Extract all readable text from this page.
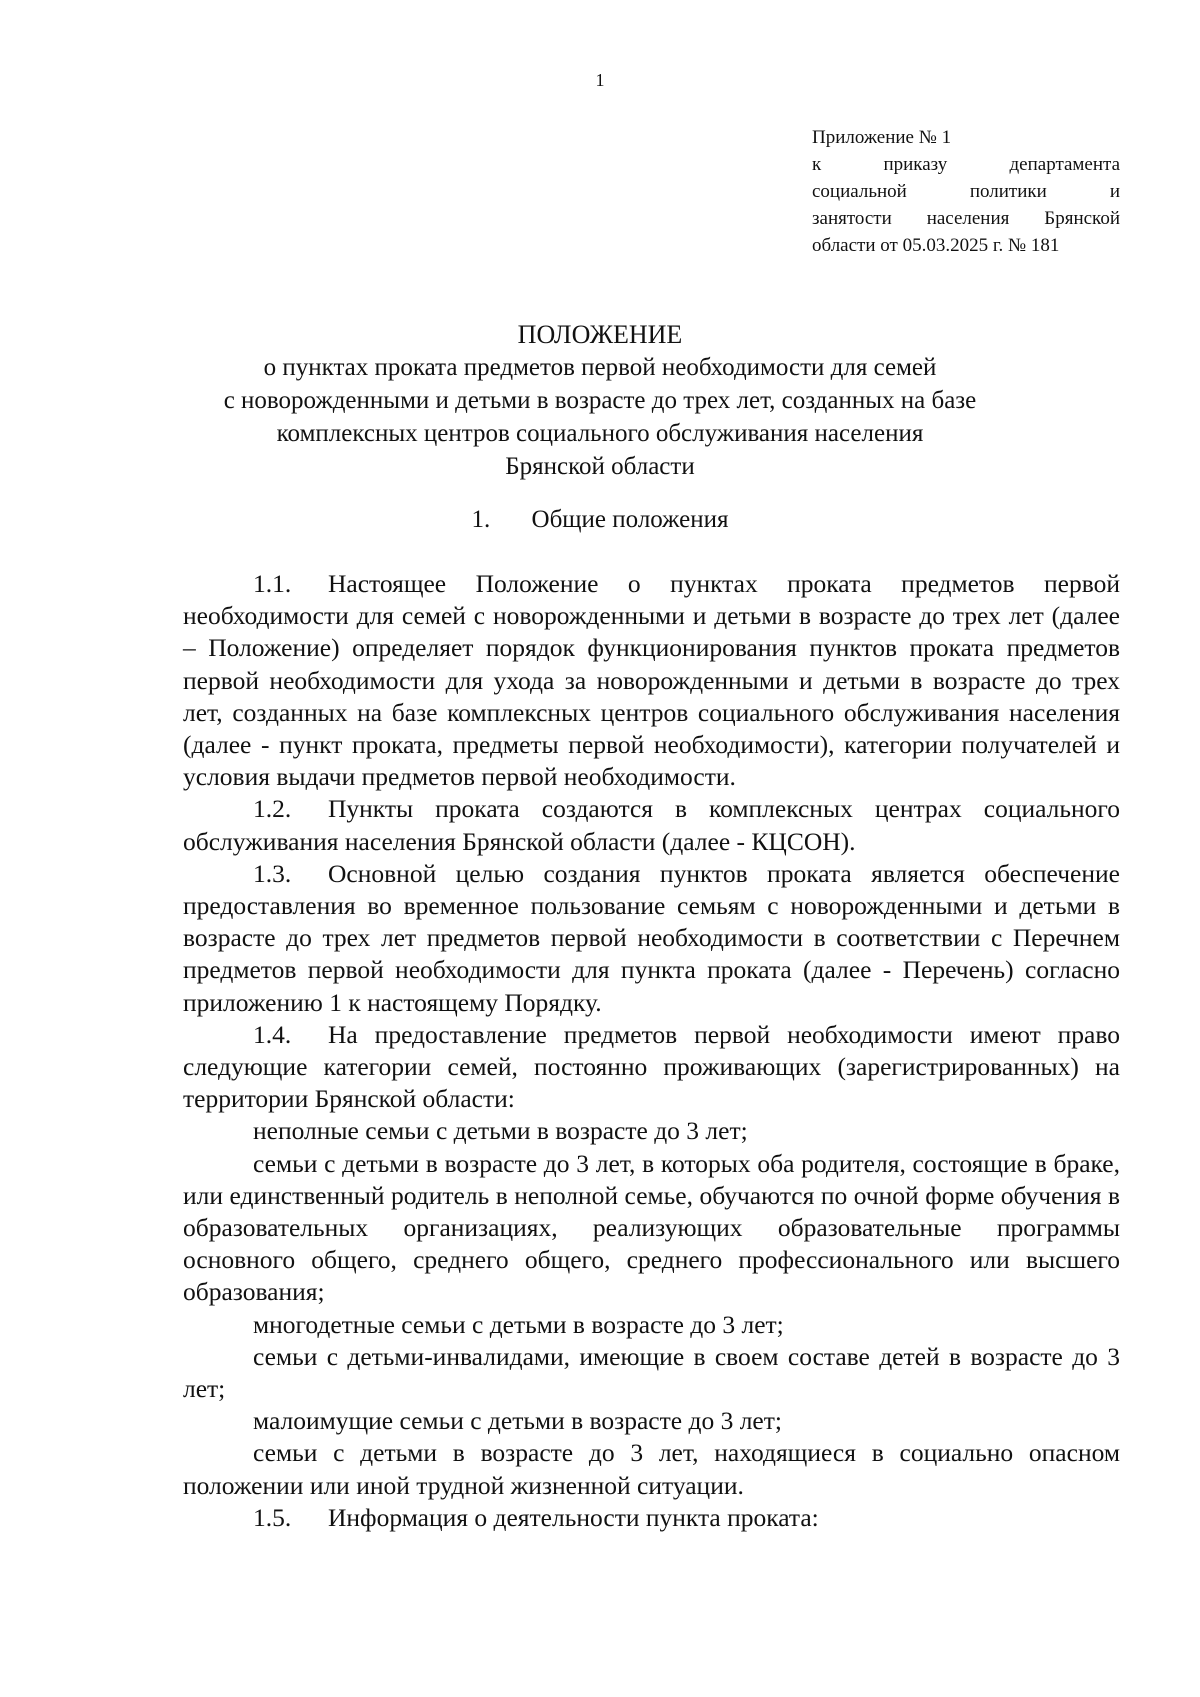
1
Приложение № 1
к приказу департамента
социальной политики и
занятости населения Брянской
области от 05.03.2025 г. № 181
ПОЛОЖЕНИЕ
о пунктах проката предметов первой необходимости для семей
с новорожденными и детьми в возрасте до трех лет, созданных на базе
комплексных центров социального обслуживания населения
Брянской области
1. Общие положения

1.1. Настоящее Положение о пунктах проката предметов первой необходимости для семей с новорожденными и детьми в возрасте до трех лет (далее – Положение) определяет порядок функционирования пунктов проката предметов первой необходимости для ухода за новорожденными и детьми в возрасте до трех лет, созданных на базе комплексных центров социального обслуживания населения (далее - пункт проката, предметы первой необходимости), категории получателей и условия выдачи предметов первой необходимости.

1.2. Пункты проката создаются в комплексных центрах социального обслуживания населения Брянской области (далее - КЦСОН).

1.3. Основной целью создания пунктов проката является обеспечение предоставления во временное пользование семьям с новорожденными и детьми в возрасте до трех лет предметов первой необходимости в соответствии с Перечнем предметов первой необходимости для пункта проката (далее - Перечень) согласно приложению 1 к настоящему Порядку.

1.4. На предоставление предметов первой необходимости имеют право следующие категории семей, постоянно проживающих (зарегистрированных) на территории Брянской области:

неполные семьи с детьми в возрасте до 3 лет;

семьи с детьми в возрасте до 3 лет, в которых оба родителя, состоящие в браке, или единственный родитель в неполной семье, обучаются по очной форме обучения в образовательных организациях, реализующих образовательные программы основного общего, среднего общего, среднего профессионального или высшего образования;

многодетные семьи с детьми в возрасте до 3 лет;

семьи с детьми-инвалидами, имеющие в своем составе детей в возрасте до 3 лет;

малоимущие семьи с детьми в возрасте до 3 лет;

семьи с детьми в возрасте до 3 лет, находящиеся в социально опасном положении или иной трудной жизненной ситуации.

1.5. Информация о деятельности пункта проката:
